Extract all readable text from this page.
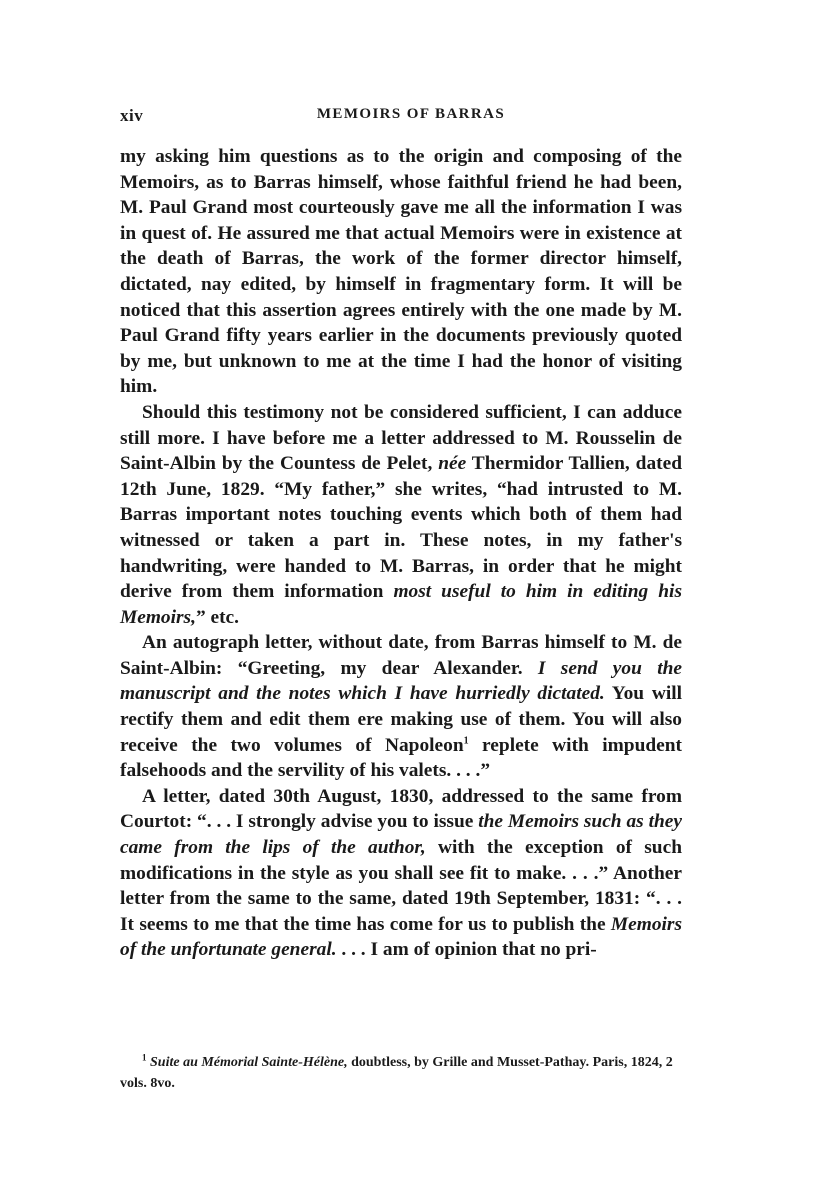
xiv	MEMOIRS OF BARRAS

my asking him questions as to the origin and composing of the Memoirs, as to Barras himself, whose faithful friend he had been, M. Paul Grand most courteously gave me all the information I was in quest of. He assured me that actual Memoirs were in existence at the death of Barras, the work of the former director himself, dictated, nay edited, by himself in fragmentary form. It will be noticed that this assertion agrees entirely with the one made by M. Paul Grand fifty years earlier in the documents previously quoted by me, but unknown to me at the time I had the honor of visiting him.

Should this testimony not be considered sufficient, I can adduce still more. I have before me a letter addressed to M. Rousselin de Saint-Albin by the Countess de Pelet, née Thermidor Tallien, dated 12th June, 1829. “My father,” she writes, “had intrusted to M. Barras important notes touching events which both of them had witnessed or taken a part in. These notes, in my father's handwriting, were handed to M. Barras, in order that he might derive from them information most useful to him in editing his Memoirs,” etc.

An autograph letter, without date, from Barras himself to M. de Saint-Albin: “Greeting, my dear Alexander. I send you the manuscript and the notes which I have hurriedly dictated. You will rectify them and edit them ere making use of them. You will also receive the two volumes of Napoleon$^1$ replete with impudent falsehoods and the servility of his valets. . . .”

A letter, dated 30th August, 1830, addressed to the same from Courtot: “. . . I strongly advise you to issue the Memoirs such as they came from the lips of the author, with the exception of such modifications in the style as you shall see fit to make. . . .” Another letter from the same to the same, dated 19th September, 1831: “. . . It seems to me that the time has come for us to publish the Memoirs of the unfortunate general. . . . I am of opinion that no pri-

$^1$ Suite au Mémorial Sainte-Hélène, doubtless, by Grille and Musset-Pathay. Paris, 1824, 2 vols. 8vo.
